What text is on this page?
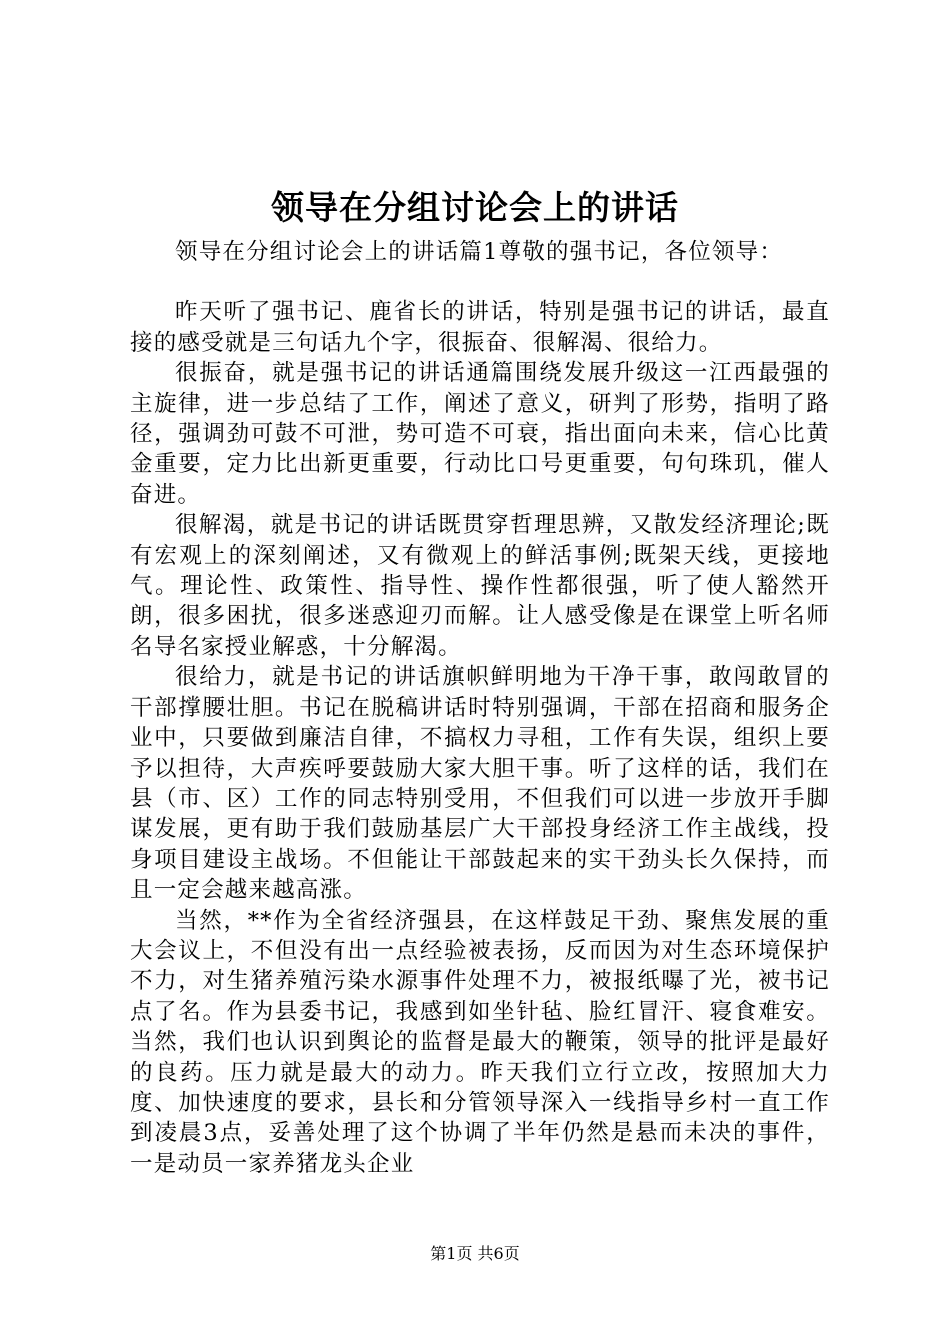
领导在分组讨论会上的讲话

领导在分组讨论会上的讲话篇1尊敬的强书记，各位领导：

昨天听了强书记、鹿省长的讲话，特别是强书记的讲话，最直接的感受就是三句话九个字，很振奋、很解渴、很给力。

很振奋，就是强书记的讲话通篇围绕发展升级这一江西最强的主旋律，进一步总结了工作，阐述了意义，研判了形势，指明了路径，强调劲可鼓不可泄，势可造不可衰，指出面向未来，信心比黄金重要，定力比出新更重要，行动比口号更重要，句句珠玑，催人奋进。

很解渴，就是书记的讲话既贯穿哲理思辨，又散发经济理论;既有宏观上的深刻阐述，又有微观上的鲜活事例;既架天线，更接地气。理论性、政策性、指导性、操作性都很强，听了使人豁然开朗，很多困扰，很多迷惑迎刃而解。让人感受像是在课堂上听名师名导名家授业解惑，十分解渴。

很给力，就是书记的讲话旗帜鲜明地为干净干事，敢闯敢冒的干部撑腰壮胆。书记在脱稿讲话时特别强调，干部在招商和服务企业中，只要做到廉洁自律，不搞权力寻租，工作有失误，组织上要予以担待，大声疾呼要鼓励大家大胆干事。听了这样的话，我们在县（市、区）工作的同志特别受用，不但我们可以进一步放开手脚谋发展，更有助于我们鼓励基层广大干部投身经济工作主战线，投身项目建设主战场。不但能让干部鼓起来的实干劲头长久保持，而且一定会越来越高涨。

当然，**作为全省经济强县，在这样鼓足干劲、聚焦发展的重大会议上，不但没有出一点经验被表扬，反而因为对生态环境保护不力，对生猪养殖污染水源事件处理不力，被报纸曝了光，被书记点了名。作为县委书记，我感到如坐针毡、脸红冒汗、寝食难安。当然，我们也认识到舆论的监督是最大的鞭策，领导的批评是最好的良药。压力就是最大的动力。昨天我们立行立改，按照加大力度、加快速度的要求，县长和分管领导深入一线指导乡村一直工作到凌晨3点，妥善处理了这个协调了半年仍然是悬而未决的事件，一是动员一家养猪龙头企业

第1页 共6页
